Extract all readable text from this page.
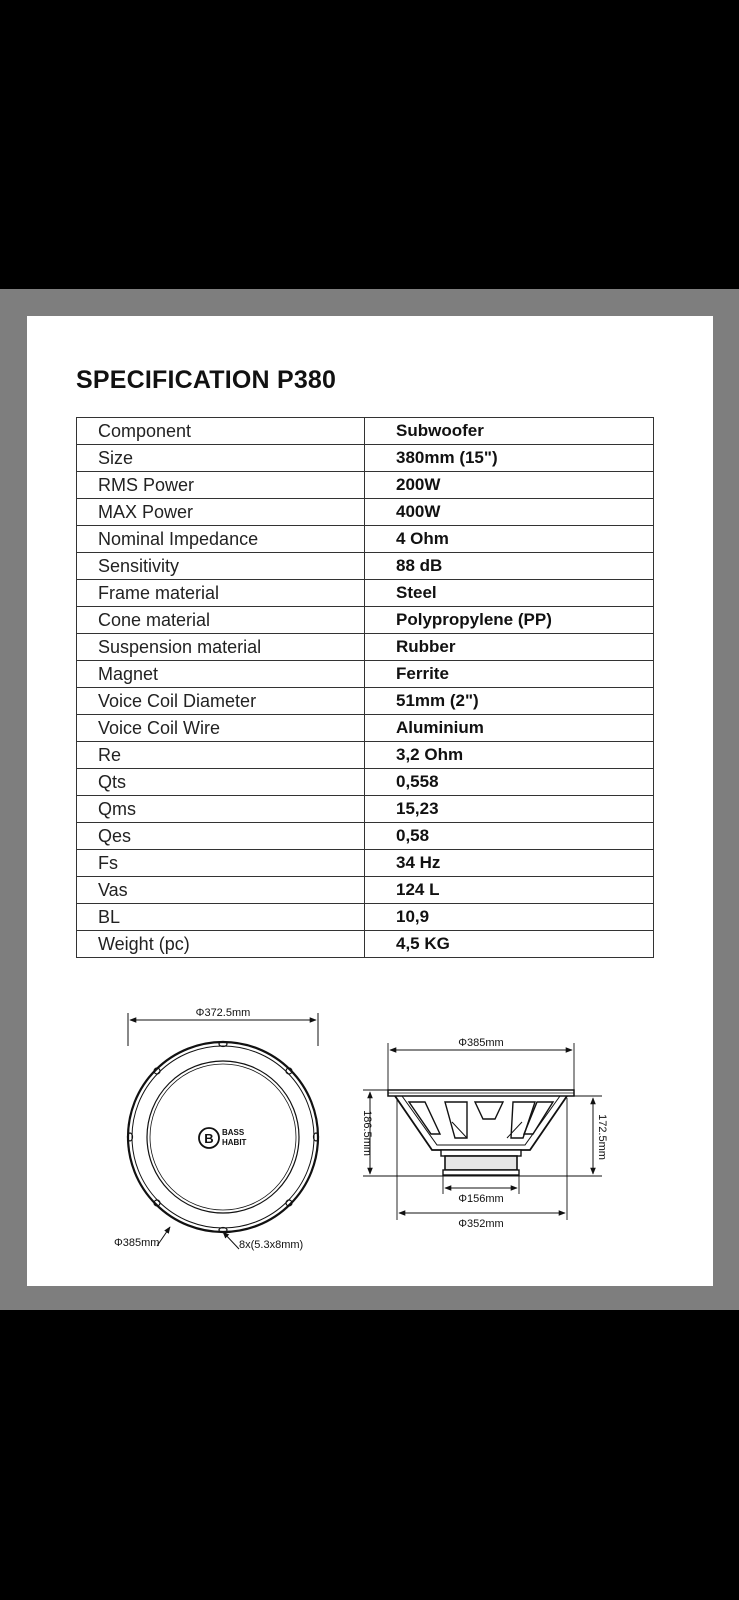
SPECIFICATION P380
Component	Subwoofer
Size	380mm (15")
RMS Power	200W
MAX Power	400W
Nominal Impedance	4 Ohm
Sensitivity	88 dB
Frame material	Steel
Cone material	Polypropylene (PP)
Suspension material	Rubber
Magnet	Ferrite
Voice Coil Diameter	51mm (2")
Voice Coil Wire	Aluminium
Re	3,2 Ohm
Qts	0,558
Qms	15,23
Qes	0,58
Fs	34 Hz
Vas	124 L
BL	10,9
Weight (pc)	4,5 KG
B BASS
HABIT
Φ372.5mm
Φ385mm	8x(5.3x8mm)
Φ385mm
186.5mm	172.5mm
Φ156mm
Φ352mm
